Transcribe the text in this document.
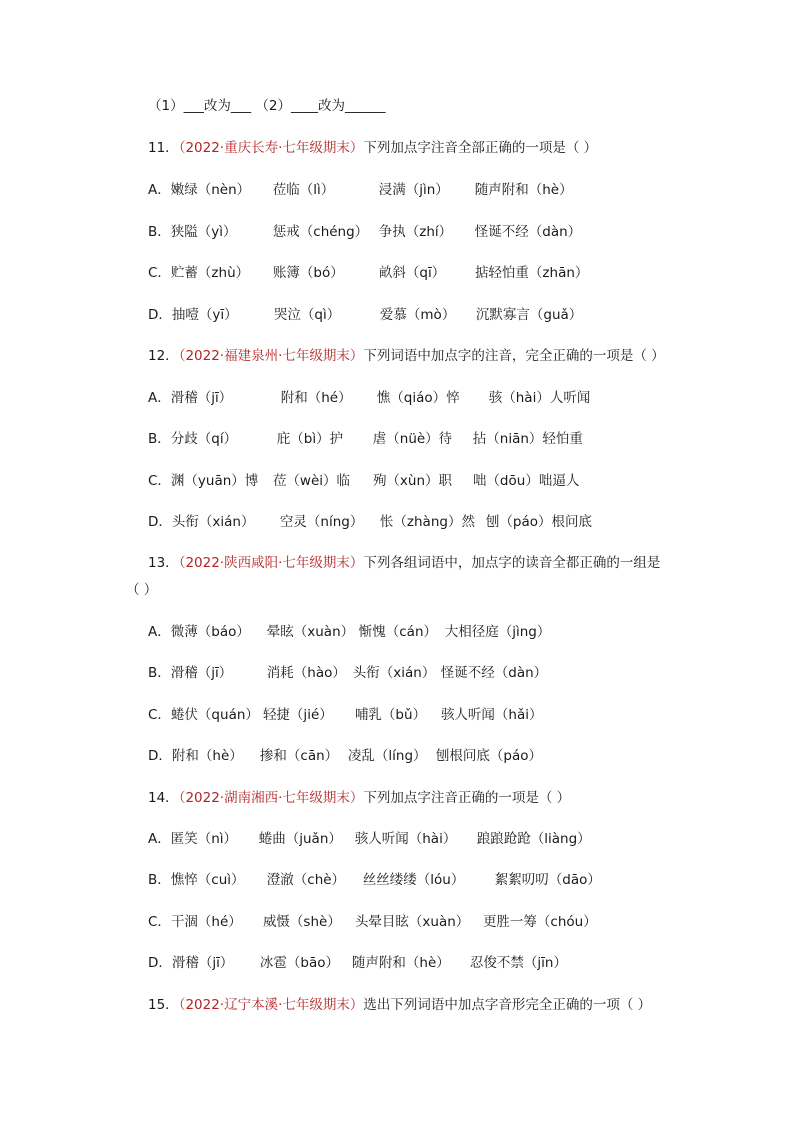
（1）___改为___ （2）____改为______
11．（2022·重庆长寿·七年级期末）下列加点字注音全部正确的一项是（ ）
A．嫩绿（nèn） 莅临（lì）	浸满（jìn） 随声附和（hè）
B．狭隘（yì）	惩戒（chéng） 争执（zhí） 怪诞不经（dàn）
C．贮蓄（zhù） 账簿（bó）	畝斜（qī） 掂轻怕重（zhān）
D．抽噎（yī）	哭泣（qì）	爱慕（mò） 沉默寡言（guǎ）
12．（2022·福建泉州·七年级期末）下列词语中加点字的注音，完全正确的一项是（ ）
A．滑稽（jī）	附和（hé） 憔（qiáo）悴 骇（hài）人听闻
B．分歧（qí）	庇（bì）护 虐（nüè）待 拈（niān）轻怕重
C．渊（yuān）博 莅（wèi）临 殉（xùn）职 咄（dōu）咄逼人
D．头衔（xián） 空灵（níng） 怅（zhàng）然 刨（páo）根问底
13．（2022·陕西咸阳·七年级期末）下列各组词语中，加点字的读音全都正确的一组是
（ ）
A．微薄（báo） 晕眩（xuàn） 惭愧（cán） 大相径庭（jìng）
B．滑稽（jī）	消耗（hào） 头衔（xián） 怪诞不经（dàn）
C．蜷伏（quán） 轻捷（jié） 哺乳（bǔ） 骇人听闻（hǎi）
D．附和（hè） 掺和（cān） 凌乱（líng） 刨根问底（páo）
14．（2022·湖南湘西·七年级期末）下列加点字注音正确的一项是（ ）
A．匿笑（nì） 蜷曲（juǎn） 骇人听闻（hài） 踉踉跄跄（liàng）
B．憔悴（cuì） 澄澈（chè） 丝丝缕缕（lóu） 絮絮叨叨（dāo）
C．干涸（hé） 威慑（shè） 头晕目眩（xuàn） 更胜一筹（chóu）
D．滑稽（jī） 冰雹（bāo） 随声附和（hè） 忍俊不禁（jīn）
15．（2022·辽宁本溪·七年级期末）选出下列词语中加点字音形完全正确的一项（ ）
